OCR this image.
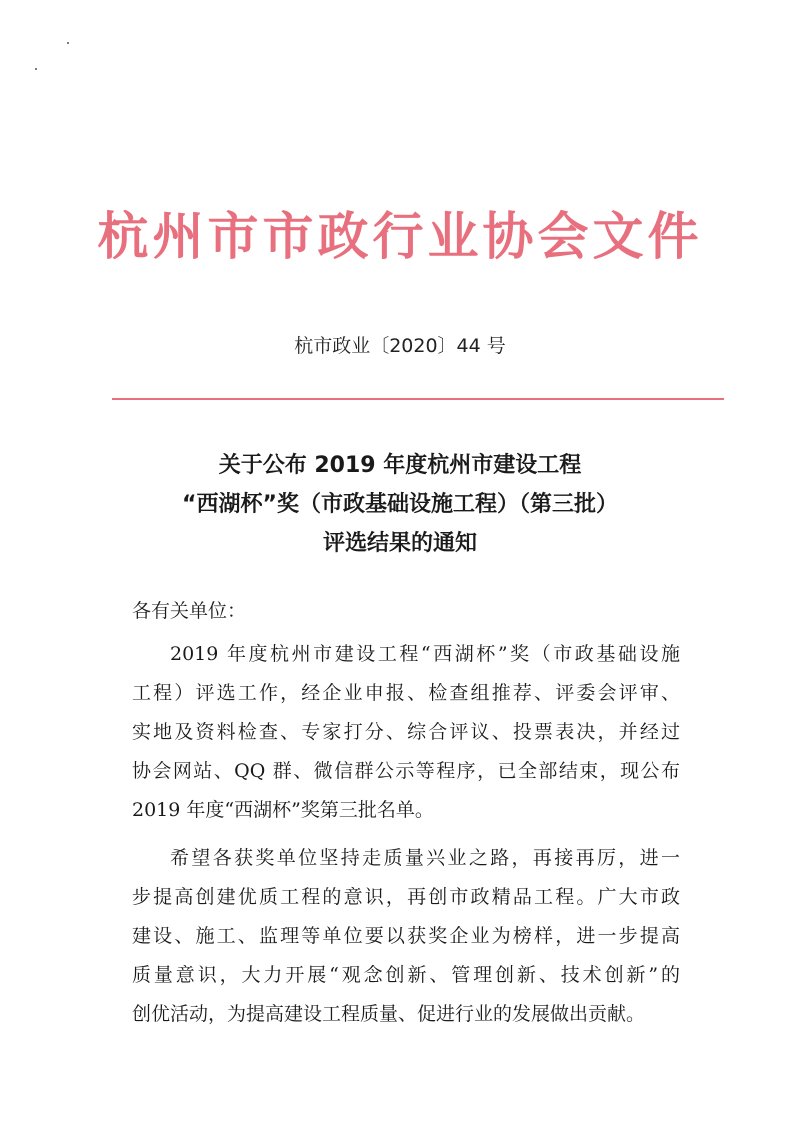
杭州市市政行业协会文件
杭市政业〔2020〕44 号
关于公布 2019 年度杭州市建设工程
“西湖杯”奖（市政基础设施工程）（第三批）
评选结果的通知
各有关单位：
2019 年度杭州市建设工程“西湖杯”奖（市政基础设施
工程）评选工作，经企业申报、检查组推荐、评委会评审、
实地及资料检查、专家打分、综合评议、投票表决，并经过
协会网站、QQ 群、微信群公示等程序，已全部结束，现公布
2019 年度“西湖杯”奖第三批名单。
希望各获奖单位坚持走质量兴业之路，再接再厉，进一
步提高创建优质工程的意识，再创市政精品工程。广大市政
建设、施工、监理等单位要以获奖企业为榜样，进一步提高
质量意识，大力开展“观念创新、管理创新、技术创新”的
创优活动，为提高建设工程质量、促进行业的发展做出贡献。
